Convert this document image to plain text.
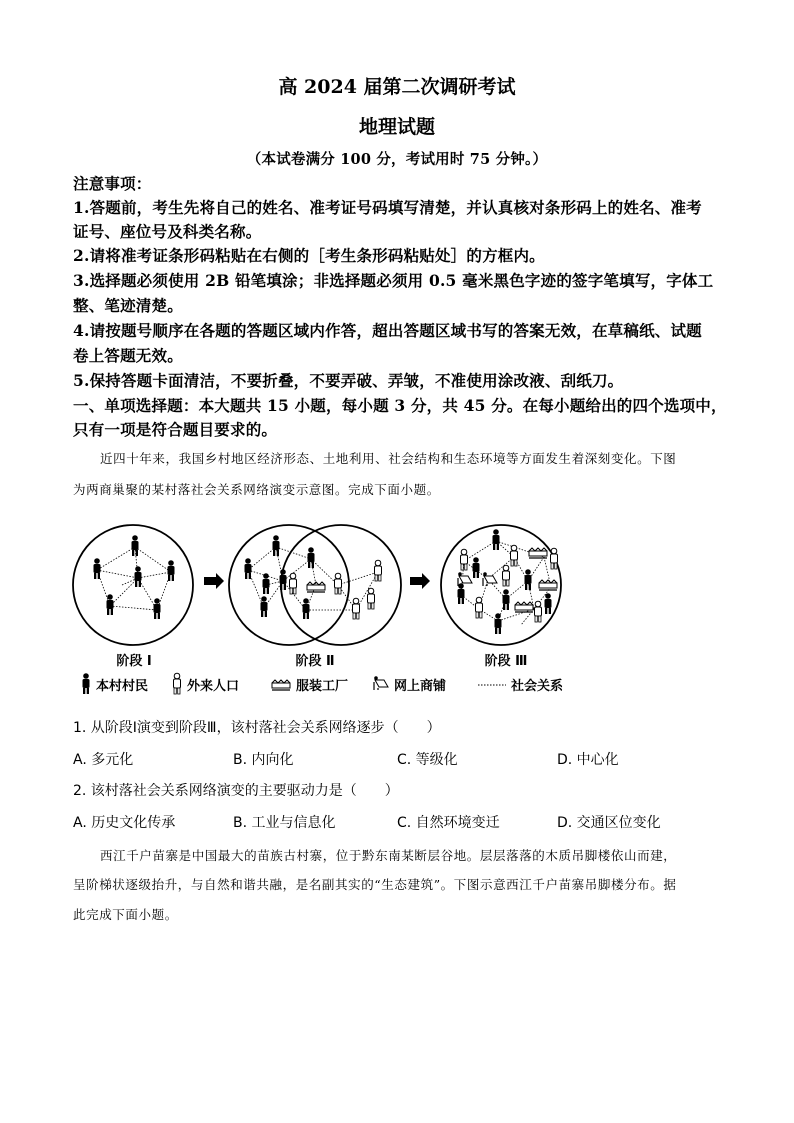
高 2024 届第二次调研考试
地理试题
（本试卷满分 100 分，考试用时 75 分钟。）
注意事项：
1.答题前，考生先将自己的姓名、准考证号码填写清楚，并认真核对条形码上的姓名、准考
证号、座位号及科类名称。
2.请将准考证条形码粘贴在右侧的［考生条形码粘贴处］的方框内。
3.选择题必须使用 2B 铅笔填涂；非选择题必须用 0.5 毫米黑色字迹的签字笔填写，字体工
整、笔迹清楚。
4.请按题号顺序在各题的答题区域内作答，超出答题区域书写的答案无效，在草稿纸、试题
卷上答题无效。
5.保持答题卡面清洁，不要折叠，不要弄破、弄皱，不准使用涂改液、刮纸刀。
一、单项选择题：本大题共 15 小题，每小题 3 分，共 45 分。在每小题给出的四个选项中，
只有一项是符合题目要求的。
近四十年来，我国乡村地区经济形态、土地利用、社会结构和生态环境等方面发生着深刻变化。下图
为两商巢聚的某村落社会关系网络演变示意图。完成下面小题。
阶段 Ⅰ	阶段 Ⅱ	阶段 Ⅲ
本村村民	外来人口	服装工厂	网上商铺	社会关系
1. 从阶段Ⅰ演变到阶段Ⅲ，该村落社会关系网络逐步（　　）
A. 多元化	B. 内向化	C. 等级化	D. 中心化
2. 该村落社会关系网络演变的主要驱动力是（　　）
A. 历史文化传承	B. 工业与信息化	C. 自然环境变迁	D. 交通区位变化
西江千户苗寨是中国最大的苗族古村寨，位于黔东南某断层谷地。层层落落的木质吊脚楼依山而建，
呈阶梯状逐级抬升，与自然和谐共融，是名副其实的“生态建筑”。下图示意西江千户苗寨吊脚楼分布。据
此完成下面小题。
